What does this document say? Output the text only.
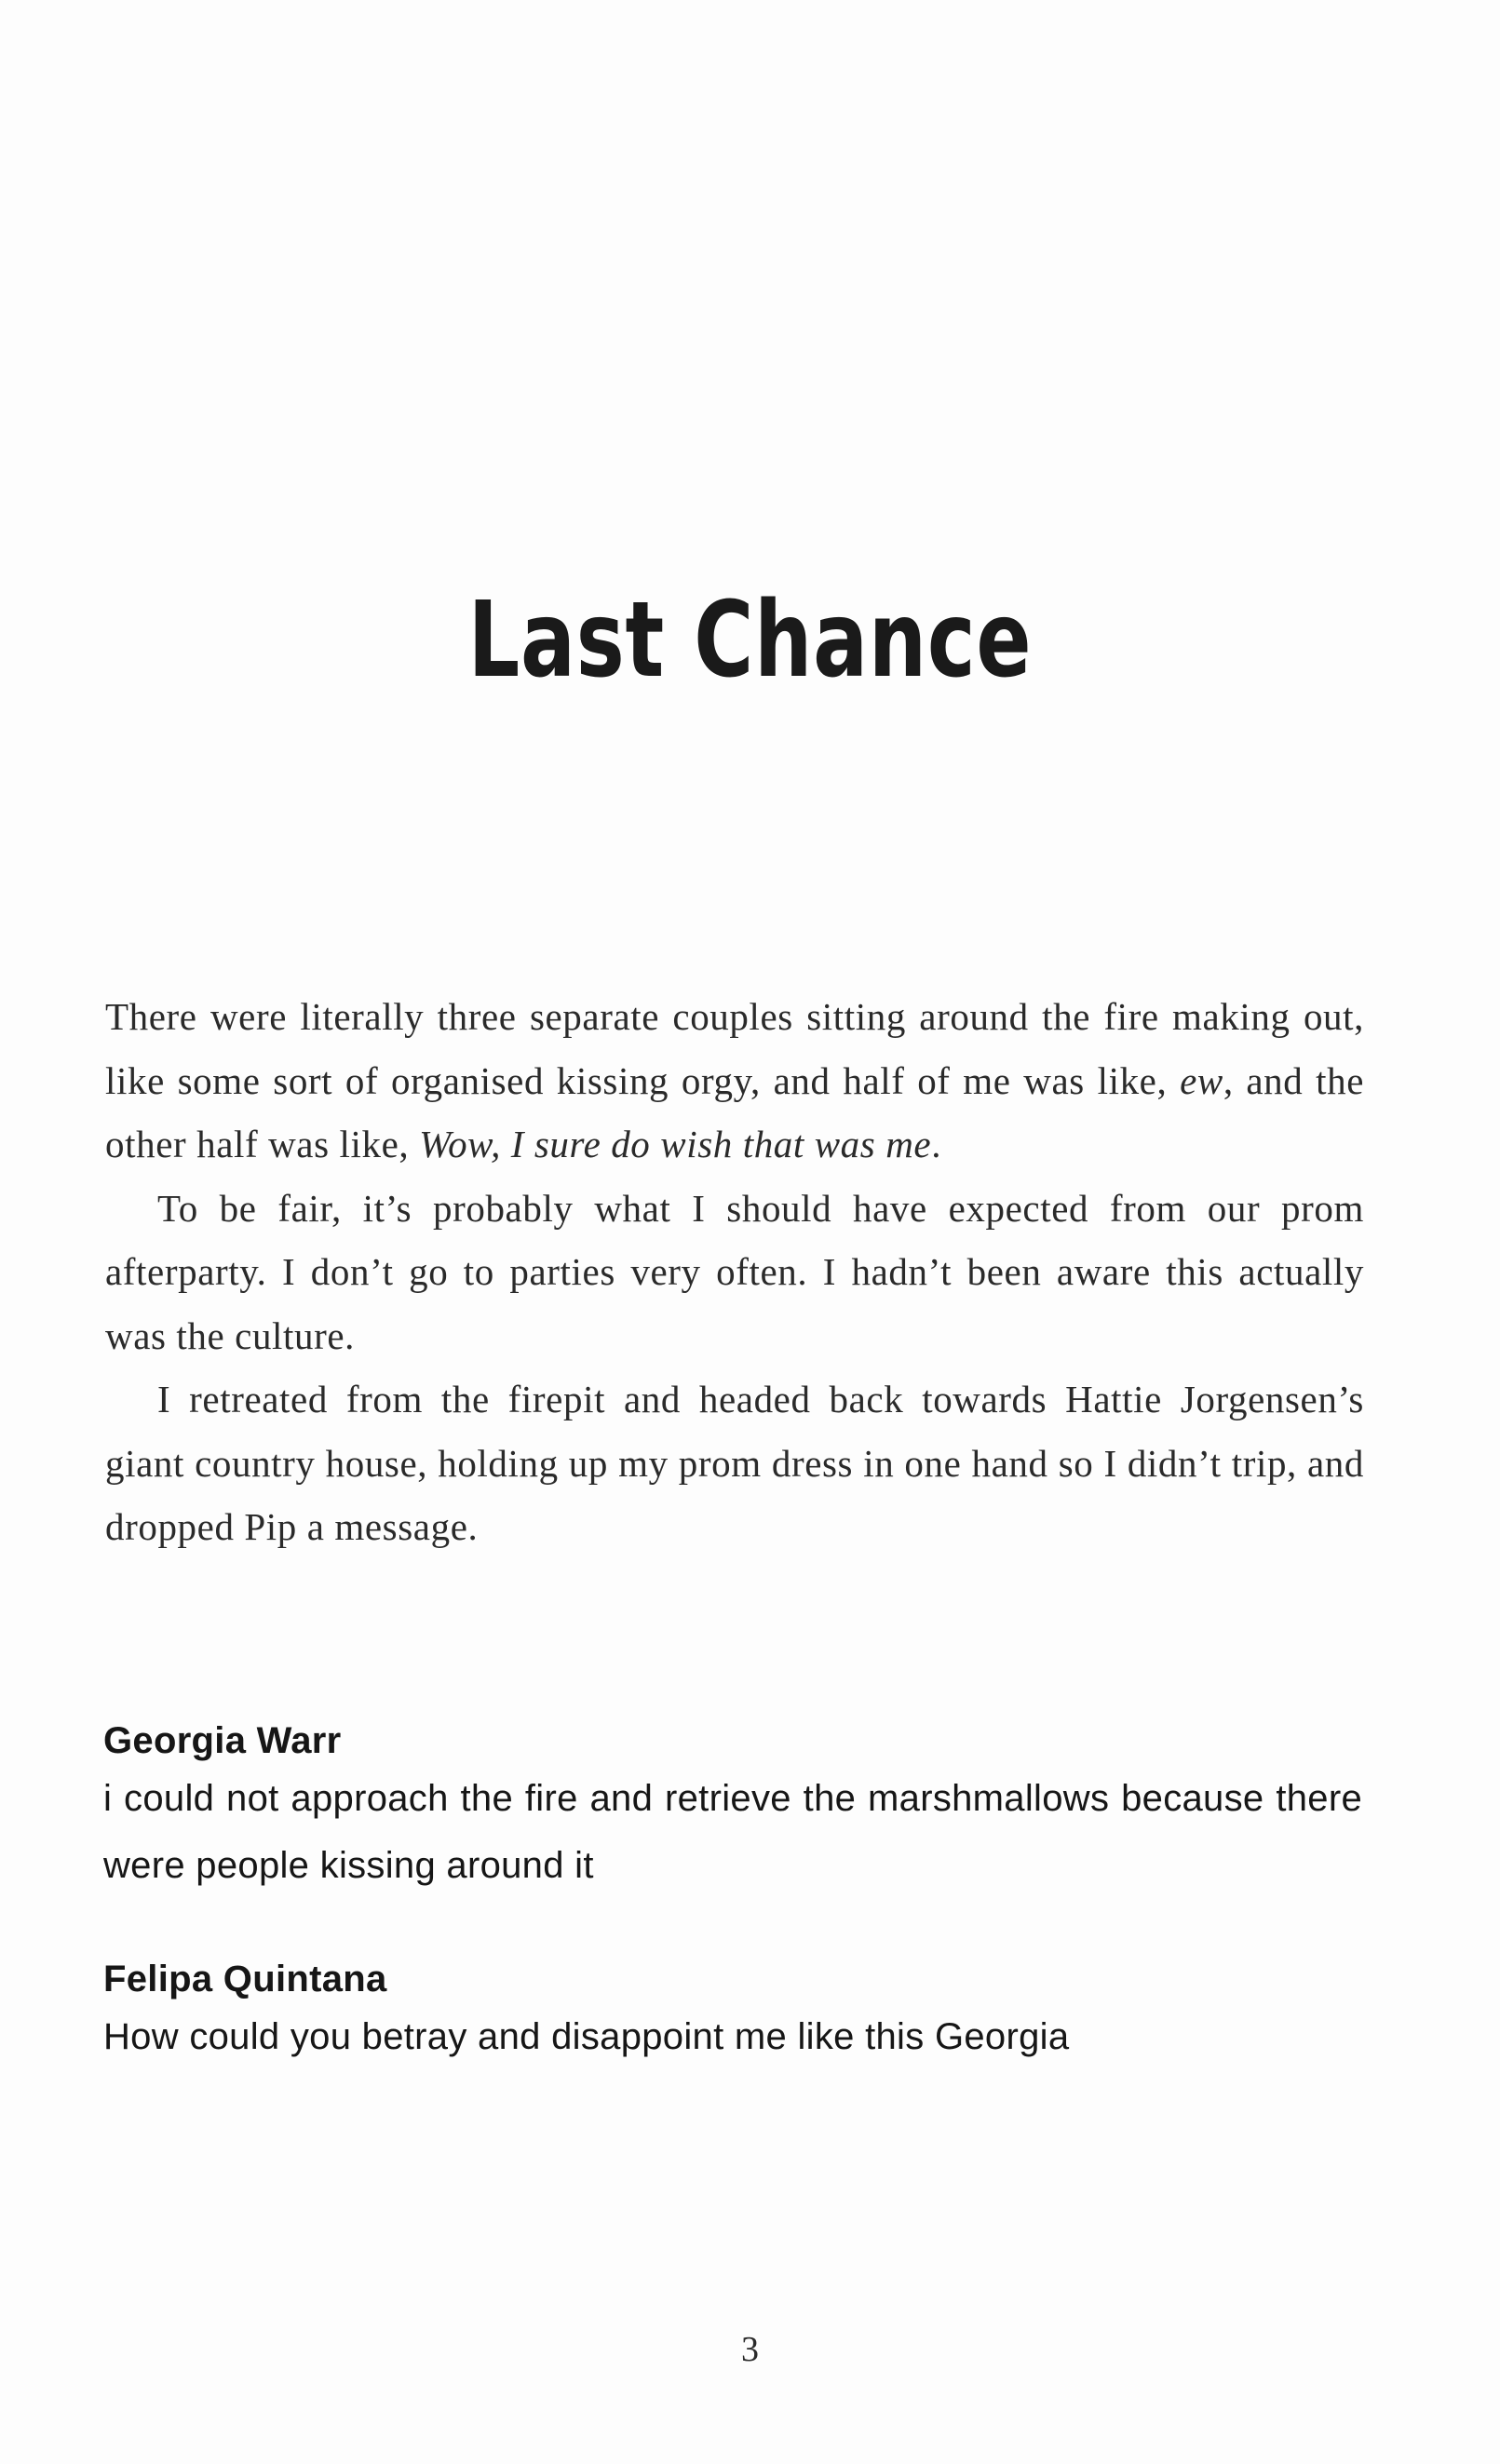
Last Chance

There were literally three separate couples sitting around the fire making out, like some sort of organised kissing orgy, and half of me was like, ew, and the other half was like, Wow, I sure do wish that was me.

To be fair, it’s probably what I should have expected from our prom afterparty. I don’t go to parties very often. I hadn’t been aware this actually was the culture.

I retreated from the firepit and headed back towards Hattie Jorgensen’s giant country house, holding up my prom dress in one hand so I didn’t trip, and dropped Pip a message.

Georgia Warr
i could not approach the fire and retrieve the marshmallows because there were people kissing around it
Felipa Quintana
How could you betray and disappoint me like this Georgia
3
